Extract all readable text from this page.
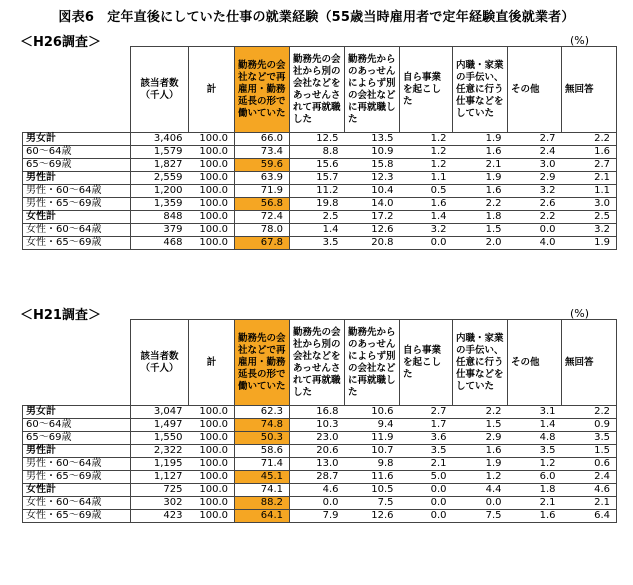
図表6　定年直後にしていた仕事の就業経験（55歳当時雇用者で定年経験直後就業者）
＜H26調査＞	(%)
	該当者数
（千人）	計	勤務先の会社などで再雇用・勤務延長の形で働いていた	勤務先の会社から別の会社などをあっせんされて再就職した	勤務先からのあっせんによらず別の会社などに再就職した	自ら事業を起こした	内職・家業の手伝い、任意に行う仕事などをしていた	その他	無回答
男女計	3,406	100.0	66.0	12.5	13.5	1.2	1.9	2.7	2.2
60～64歳	1,579	100.0	73.4	8.8	10.9	1.2	1.6	2.4	1.6
65～69歳	1,827	100.0	59.6	15.6	15.8	1.2	2.1	3.0	2.7
男性計	2,559	100.0	63.9	15.7	12.3	1.1	1.9	2.9	2.1
男性・60～64歳	1,200	100.0	71.9	11.2	10.4	0.5	1.6	3.2	1.1
男性・65～69歳	1,359	100.0	56.8	19.8	14.0	1.6	2.2	2.6	3.0
女性計	848	100.0	72.4	2.5	17.2	1.4	1.8	2.2	2.5
女性・60～64歳	379	100.0	78.0	1.4	12.6	3.2	1.5	0.0	3.2
女性・65～69歳	468	100.0	67.8	3.5	20.8	0.0	2.0	4.0	1.9
＜H21調査＞	(%)
	該当者数
（千人）	計	勤務先の会社などで再雇用・勤務延長の形で働いていた	勤務先の会社から別の会社などをあっせんされて再就職した	勤務先からのあっせんによらず別の会社などに再就職した	自ら事業を起こした	内職・家業の手伝い、任意に行う仕事などをしていた	その他	無回答
男女計	3,047	100.0	62.3	16.8	10.6	2.7	2.2	3.1	2.2
60～64歳	1,497	100.0	74.8	10.3	9.4	1.7	1.5	1.4	0.9
65～69歳	1,550	100.0	50.3	23.0	11.9	3.6	2.9	4.8	3.5
男性計	2,322	100.0	58.6	20.6	10.7	3.5	1.6	3.5	1.5
男性・60～64歳	1,195	100.0	71.4	13.0	9.8	2.1	1.9	1.2	0.6
男性・65～69歳	1,127	100.0	45.1	28.7	11.6	5.0	1.2	6.0	2.4
女性計	725	100.0	74.1	4.6	10.5	0.0	4.4	1.8	4.6
女性・60～64歳	302	100.0	88.2	0.0	7.5	0.0	0.0	2.1	2.1
女性・65～69歳	423	100.0	64.1	7.9	12.6	0.0	7.5	1.6	6.4
